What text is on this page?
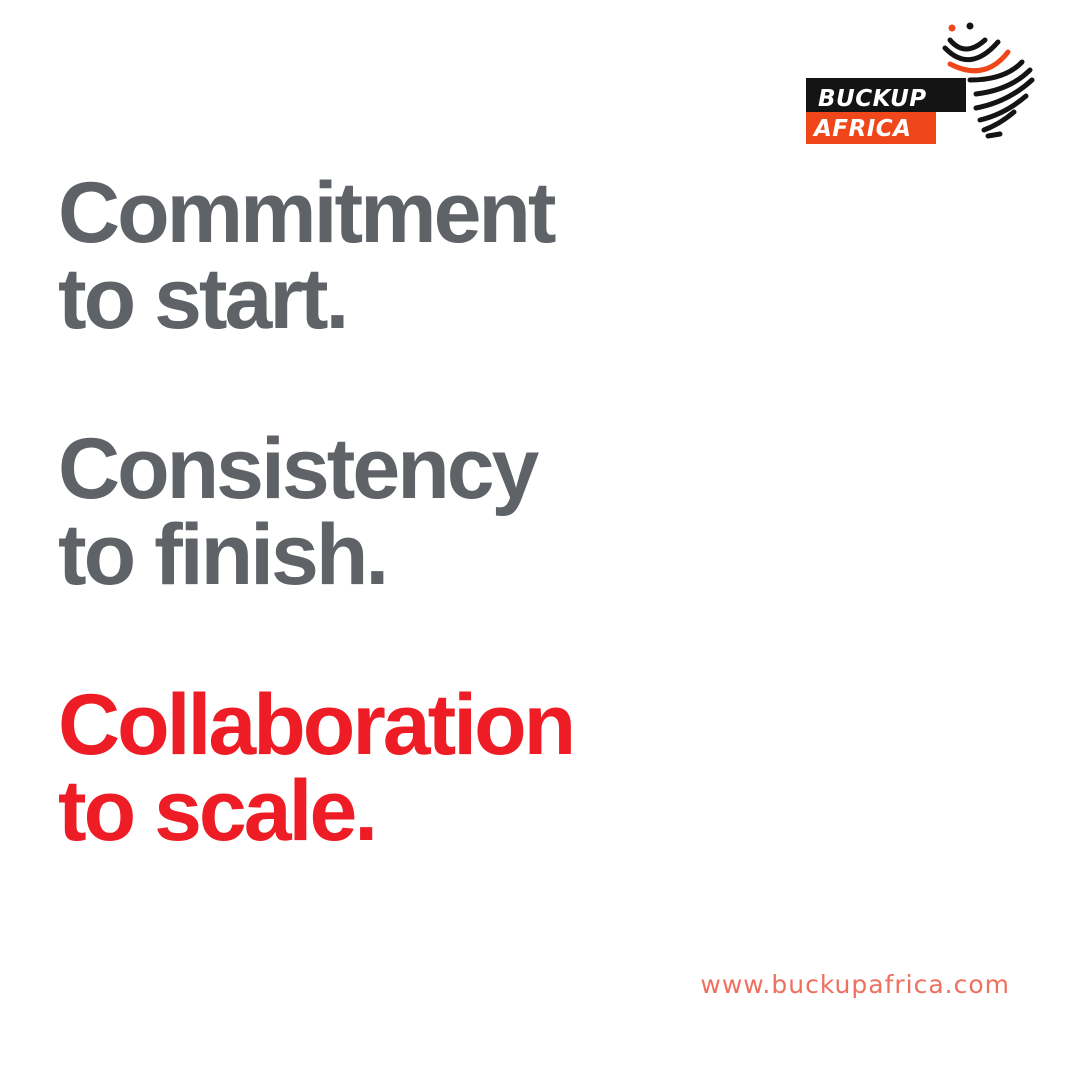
BUCKUP
AFRICA
Commitment
to start.
Consistency
to finish.
Collaboration
to scale.
www.buckupafrica.com
